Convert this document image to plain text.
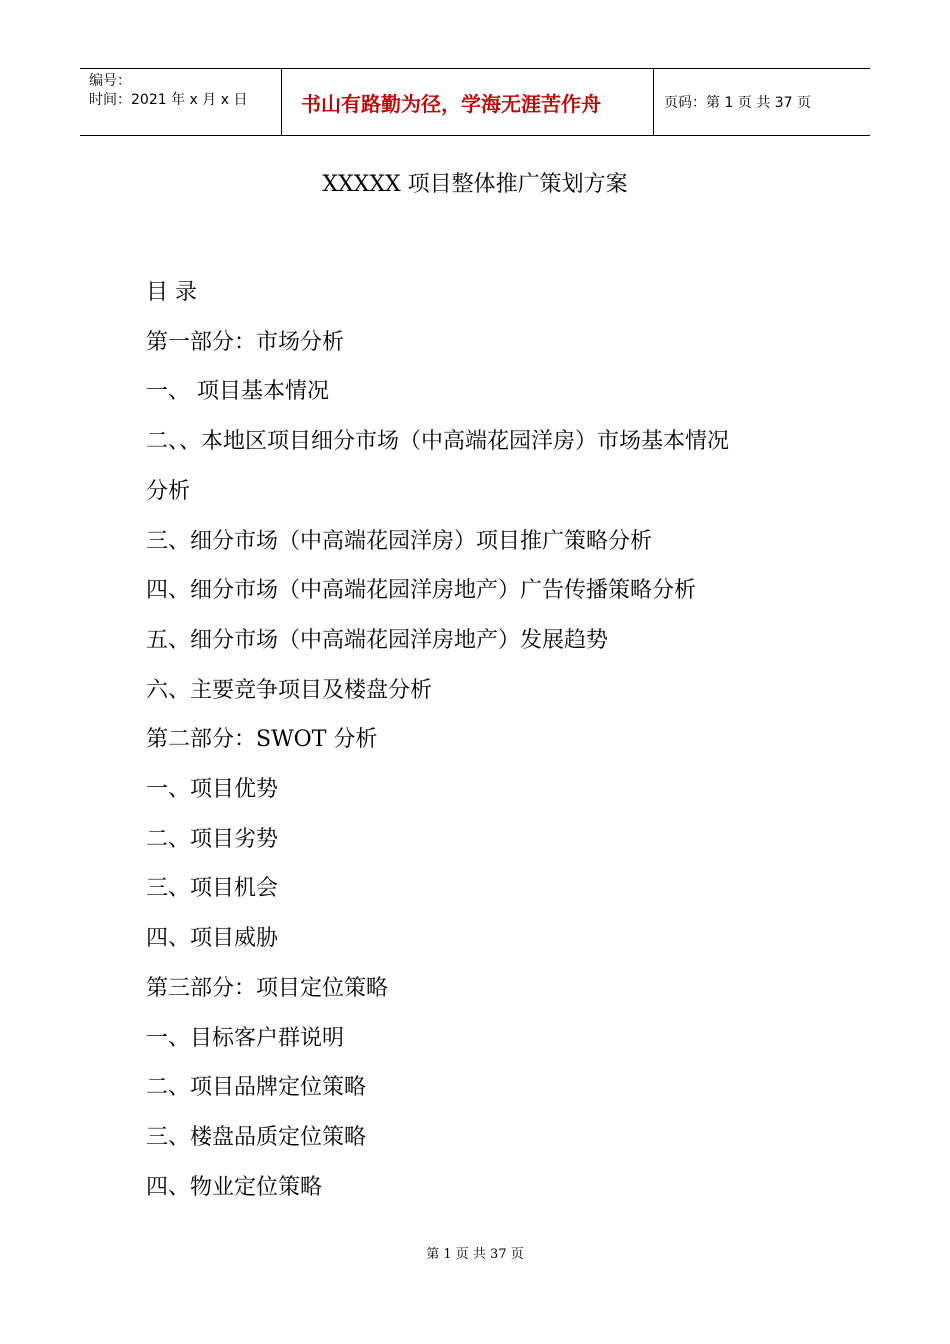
编号：
时间：2021 年 x 月 x 日	书山有路勤为径，学海无涯苦作舟	页码：第 1 页 共 37 页
XXXXX 项目整体推广策划方案
目 录
第一部分：市场分析
一、 项目基本情况
二、、本地区项目细分市场（中高端花园洋房）市场基本情况
分析
三、细分市场（中高端花园洋房）项目推广策略分析
四、细分市场（中高端花园洋房地产）广告传播策略分析
五、细分市场（中高端花园洋房地产）发展趋势
六、主要竞争项目及楼盘分析
第二部分：SWOT 分析
一、项目优势
二、项目劣势
三、项目机会
四、项目威胁
第三部分：项目定位策略
一、目标客户群说明
二、项目品牌定位策略
三、楼盘品质定位策略
四、物业定位策略
第 1 页 共 37 页
